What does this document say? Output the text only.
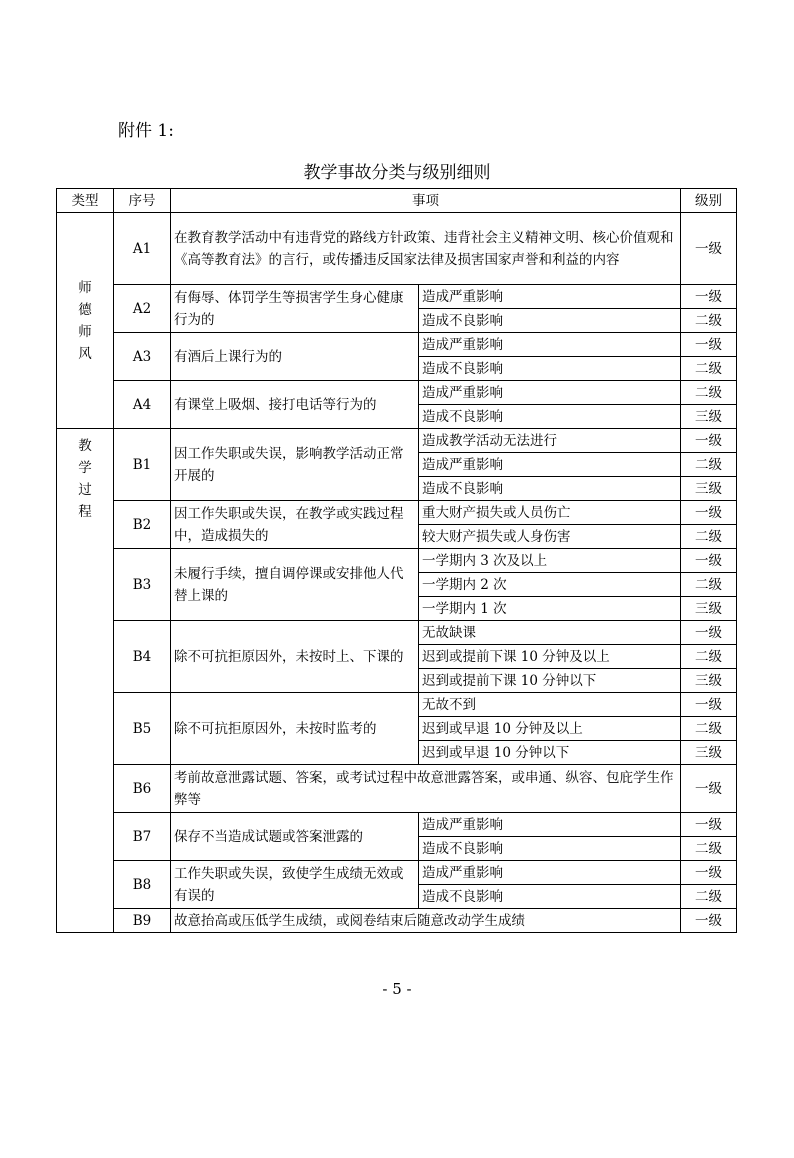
附件 1:
教学事故分类与级别细则
类型	序号	事项		级别
师德师风	A1	在教育教学活动中有违背党的路线方针政策、违背社会主义精神文明、核心价值观和《高等教育法》的言行，或传播违反国家法律及损害国家声誉和利益的内容		一级
	A2	有侮辱、体罚学生等损害学生身心健康行为的	造成严重影响	一级
			造成不良影响	二级
	A3	有酒后上课行为的	造成严重影响	一级
			造成不良影响	二级
	A4	有课堂上吸烟、接打电话等行为的	造成严重影响	二级
			造成不良影响	三级
教学过程	B1	因工作失职或失误，影响教学活动正常开展的	造成教学活动无法进行	一级
			造成严重影响	二级
			造成不良影响	三级
	B2	因工作失职或失误，在教学或实践过程中，造成损失的	重大财产损失或人员伤亡	一级
			较大财产损失或人身伤害	二级
	B3	未履行手续，擅自调停课或安排他人代替上课的	一学期内 3 次及以上	一级
			一学期内 2 次	二级
			一学期内 1 次	三级
	B4	除不可抗拒原因外，未按时上、下课的	无故缺课	一级
			迟到或提前下课 10 分钟及以上	二级
			迟到或提前下课 10 分钟以下	三级
	B5	除不可抗拒原因外，未按时监考的	无故不到	一级
			迟到或早退 10 分钟及以上	二级
			迟到或早退 10 分钟以下	三级
	B6	考前故意泄露试题、答案，或考试过程中故意泄露答案，或串通、纵容、包庇学生作弊等		一级
	B7	保存不当造成试题或答案泄露的	造成严重影响	一级
			造成不良影响	二级
	B8	工作失职或失误，致使学生成绩无效或有误的	造成严重影响	一级
			造成不良影响	二级
	B9	故意抬高或压低学生成绩，或阅卷结束后随意改动学生成绩		一级
- 5 -
